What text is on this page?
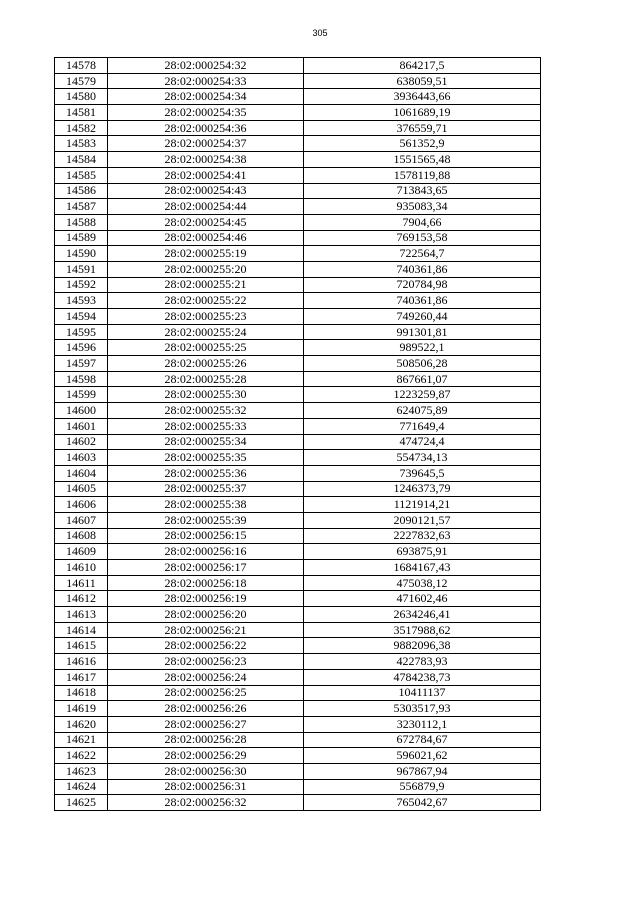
305
14578	28:02:000254:32	864217,5
14579	28:02:000254:33	638059,51
14580	28:02:000254:34	3936443,66
14581	28:02:000254:35	1061689,19
14582	28:02:000254:36	376559,71
14583	28:02:000254:37	561352,9
14584	28:02:000254:38	1551565,48
14585	28:02:000254:41	1578119,88
14586	28:02:000254:43	713843,65
14587	28:02:000254:44	935083,34
14588	28:02:000254:45	7904,66
14589	28:02:000254:46	769153,58
14590	28:02:000255:19	722564,7
14591	28:02:000255:20	740361,86
14592	28:02:000255:21	720784,98
14593	28:02:000255:22	740361,86
14594	28:02:000255:23	749260,44
14595	28:02:000255:24	991301,81
14596	28:02:000255:25	989522,1
14597	28:02:000255:26	508506,28
14598	28:02:000255:28	867661,07
14599	28:02:000255:30	1223259,87
14600	28:02:000255:32	624075,89
14601	28:02:000255:33	771649,4
14602	28:02:000255:34	474724,4
14603	28:02:000255:35	554734,13
14604	28:02:000255:36	739645,5
14605	28:02:000255:37	1246373,79
14606	28:02:000255:38	1121914,21
14607	28:02:000255:39	2090121,57
14608	28:02:000256:15	2227832,63
14609	28:02:000256:16	693875,91
14610	28:02:000256:17	1684167,43
14611	28:02:000256:18	475038,12
14612	28:02:000256:19	471602,46
14613	28:02:000256:20	2634246,41
14614	28:02:000256:21	3517988,62
14615	28:02:000256:22	9882096,38
14616	28:02:000256:23	422783,93
14617	28:02:000256:24	4784238,73
14618	28:02:000256:25	10411137
14619	28:02:000256:26	5303517,93
14620	28:02:000256:27	3230112,1
14621	28:02:000256:28	672784,67
14622	28:02:000256:29	596021,62
14623	28:02:000256:30	967867,94
14624	28:02:000256:31	556879,9
14625	28:02:000256:32	765042,67
